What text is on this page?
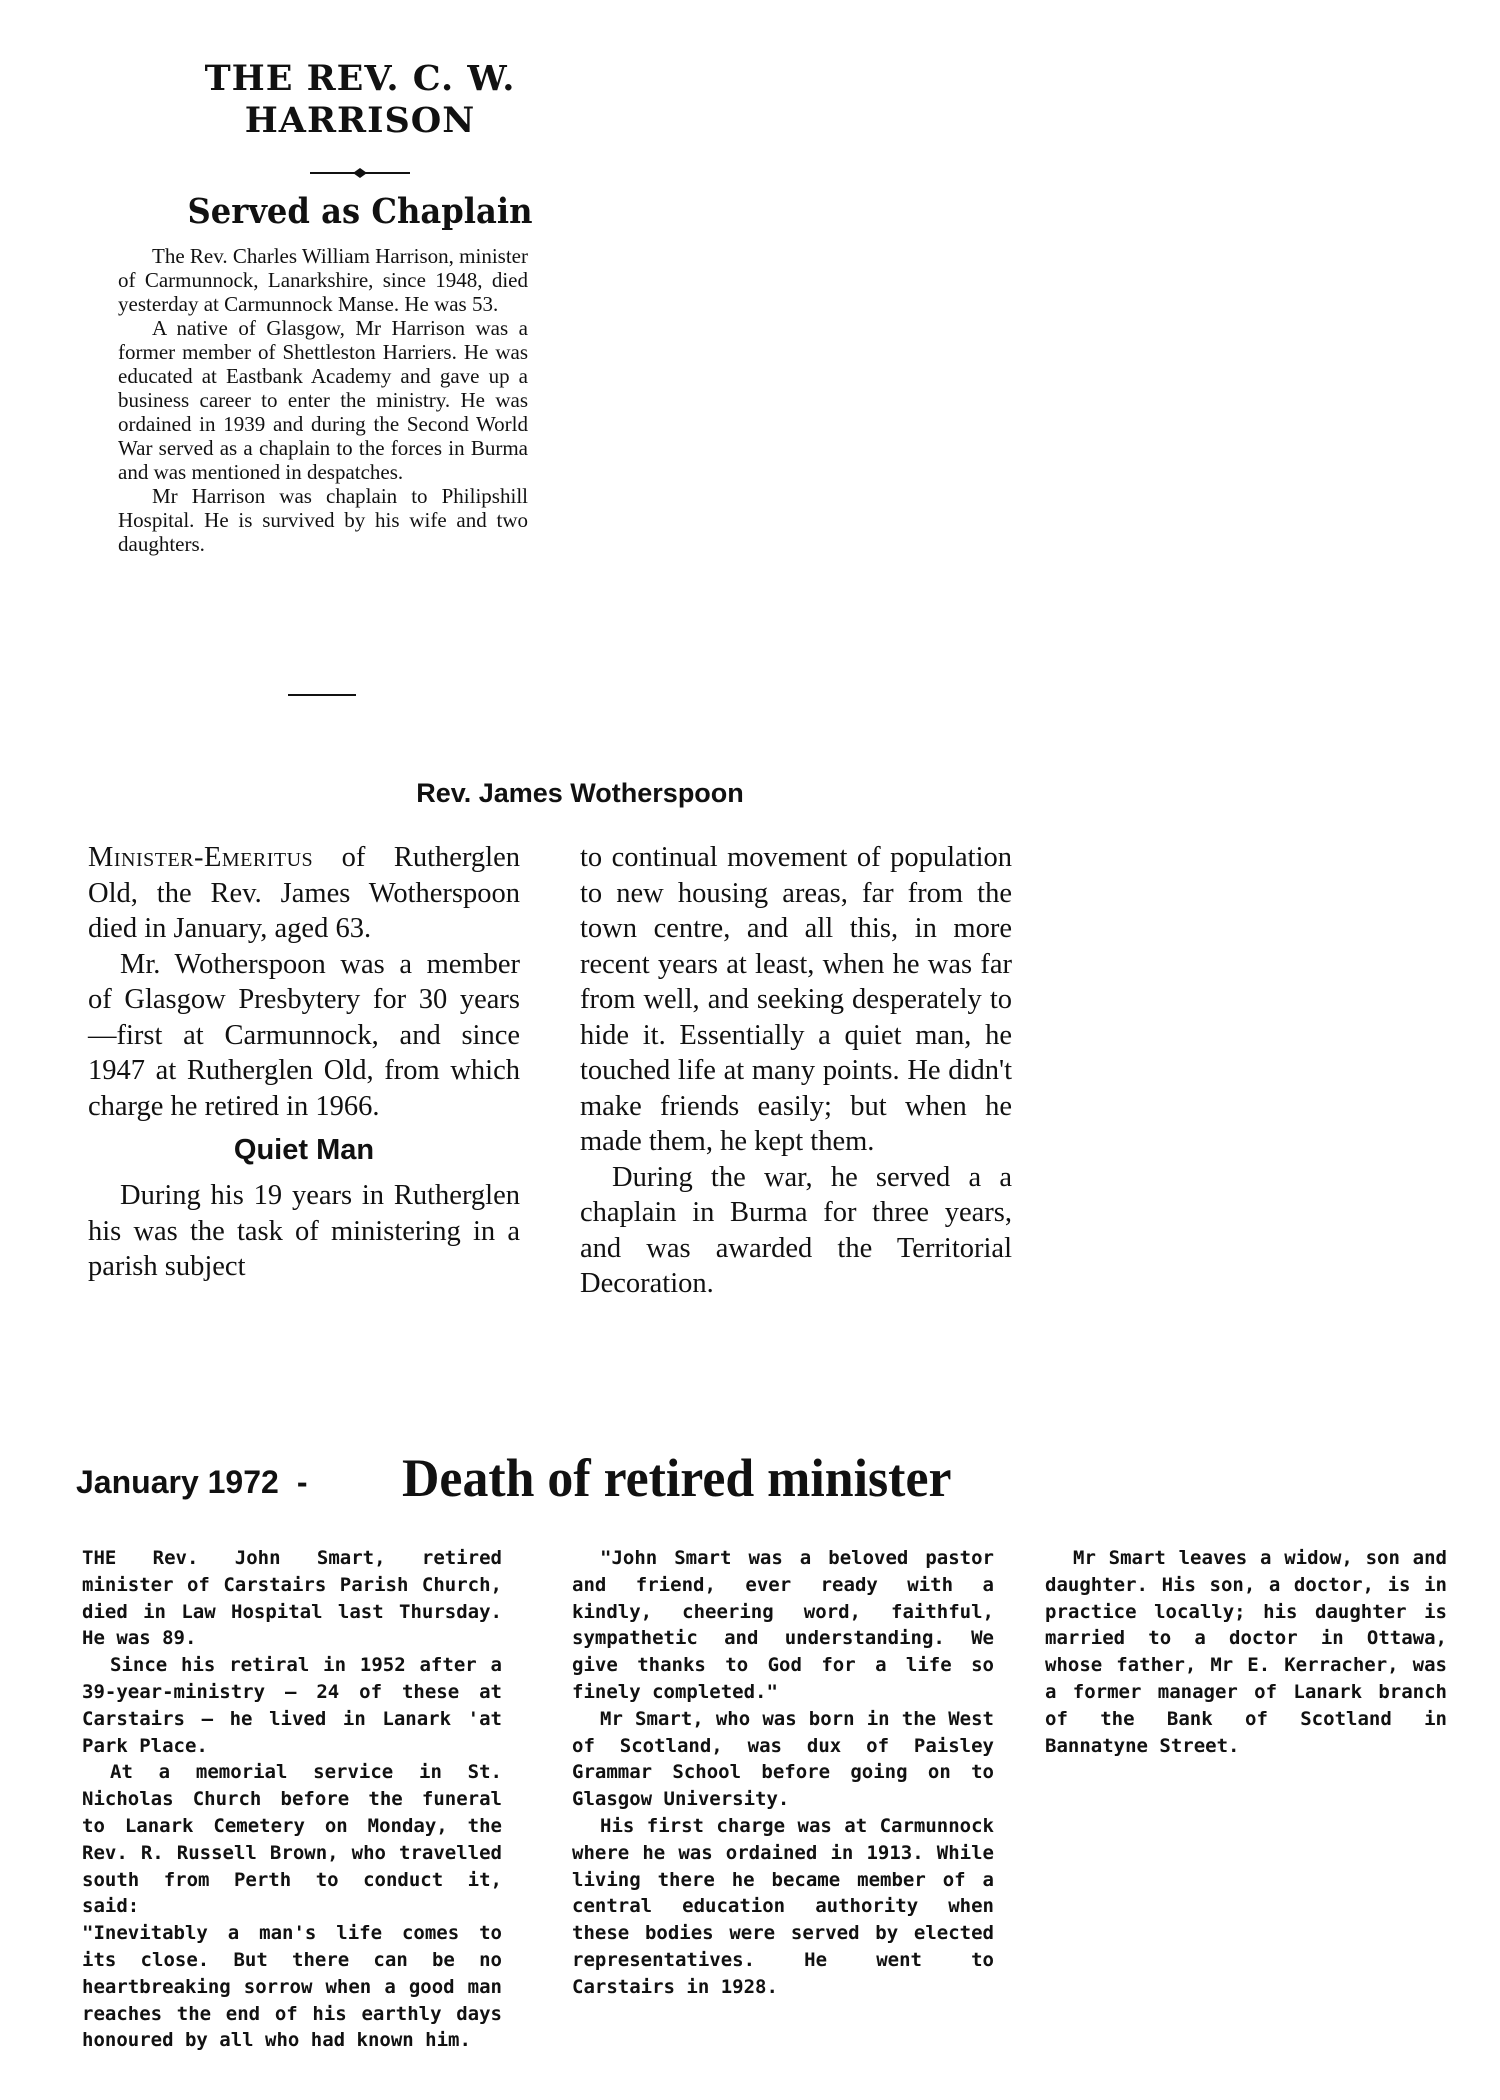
THE REV. C. W.
HARRISON
Served as Chaplain

The Rev. Charles William Harrison, minister of Carmunnock, Lanarkshire, since 1948, died yesterday at Carmunnock Manse. He was 53.

A native of Glasgow, Mr Harrison was a former member of Shettleston Harriers. He was educated at Eastbank Academy and gave up a business career to enter the ministry. He was ordained in 1939 and during the Second World War served as a chaplain to the forces in Burma and was mentioned in despatches.

Mr Harrison was chaplain to Philipshill Hospital. He is survived by his wife and two daughters.

Rev. James Wotherspoon

Minister-Emeritus of Rutherglen Old, the Rev. James Wotherspoon died in January, aged 63.

Mr. Wotherspoon was a member of Glasgow Presbytery for 30 years—first at Carmunnock, and since 1947 at Rutherglen Old, from which charge he retired in 1966.

Quiet Man

During his 19 years in Rutherglen his was the task of ministering in a parish subject

to continual movement of population to new housing areas, far from the town centre, and all this, in more recent years at least, when he was far from well, and seeking desperately to hide it. Essentially a quiet man, he touched life at many points. He didn't make friends easily; but when he made them, he kept them.

During the war, he served a a chaplain in Burma for three years, and was awarded the Territorial Decoration.

January 1972 - Death of retired minister

THE Rev. John Smart, retired minister of Carstairs Parish Church, died in Law Hospital last Thursday. He was 89.

Since his retiral in 1952 after a 39-year-ministry — 24 of these at Carstairs — he lived in Lanark 'at Park Place.

At a memorial service in St. Nicholas Church before the funeral to Lanark Cemetery on Monday, the Rev. R. Russell Brown, who travelled south from Perth to conduct it, said:

"Inevitably a man's life comes to its close. But there can be no heartbreaking sorrow when a good man reaches the end of his earthly days honoured by all who had known him.

"John Smart was a beloved pastor and friend, ever ready with a kindly, cheering word, faithful, sympathetic and understanding. We give thanks to God for a life so finely completed."

Mr Smart, who was born in the West of Scotland, was dux of Paisley Grammar School before going on to Glasgow University.

His first charge was at Carmunnock where he was ordained in 1913. While living there he became member of a central education authority when these bodies were served by elected representatives. He went to Carstairs in 1928.

Mr Smart leaves a widow, son and daughter. His son, a doctor, is in practice locally; his daughter is married to a doctor in Ottawa, whose father, Mr E. Kerracher, was a former manager of Lanark branch of the Bank of Scotland in Bannatyne Street.
